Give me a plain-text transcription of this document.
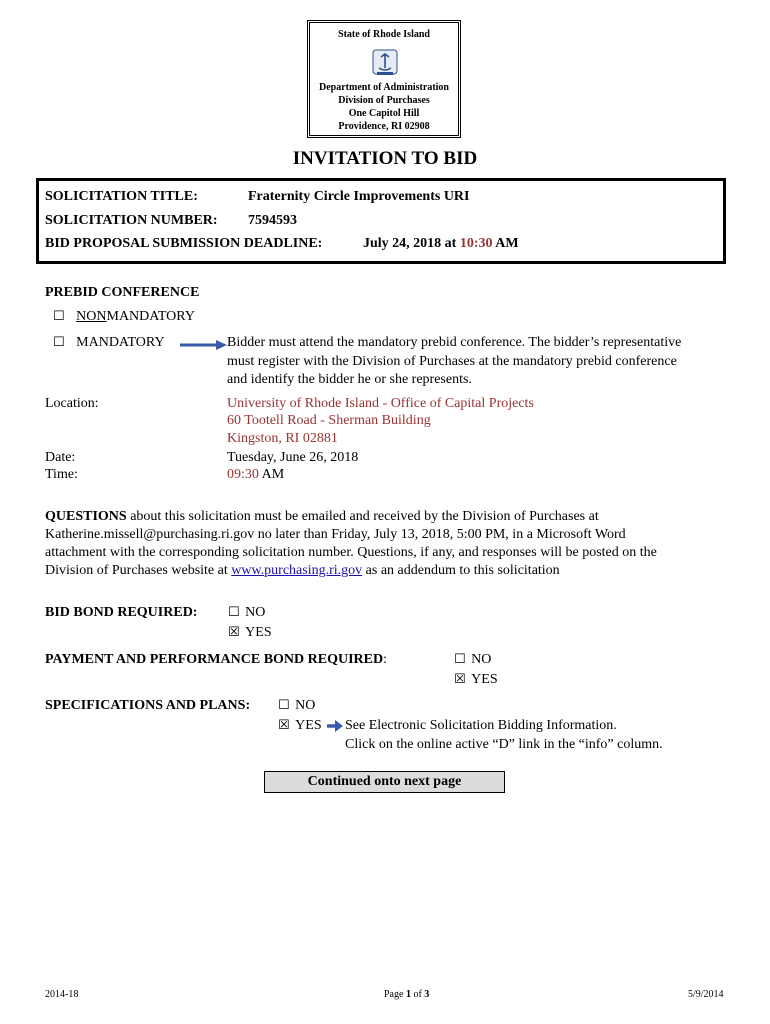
State of Rhode Island
Department of Administration
Division of Purchases
One Capitol Hill
Providence, RI 02908
INVITATION TO BID
SOLICITATION TITLE:	Fraternity Circle Improvements URI
SOLICITATION NUMBER: 7594593
BID PROPOSAL SUBMISSION DEADLINE:	July 24, 2018 at 10:30 AM
PREBID CONFERENCE
☐ NONMANDATORY
☐ MANDATORY	Bidder must attend the mandatory prebid conference. The bidder’s representative
must register with the Division of Purchases at the mandatory prebid conference
and identify the bidder he or she represents.
Location:	University of Rhode Island - Office of Capital Projects
60 Tootell Road - Sherman Building
Kingston, RI 02881
Date:	Tuesday, June 26, 2018
Time:	09:30 AM
QUESTIONS about this solicitation must be emailed and received by the Division of Purchases at
Katherine.missell@purchasing.ri.gov no later than Friday, July 13, 2018, 5:00 PM, in a Microsoft Word
attachment with the corresponding solicitation number. Questions, if any, and responses will be posted on the
Division of Purchases website at www.purchasing.ri.gov as an addendum to this solicitation
BID BOND REQUIRED: ☐ NO
☒ YES
PAYMENT AND PERFORMANCE BOND REQUIRED:	☐ NO
☒ YES
SPECIFICATIONS AND PLANS: ☐ NO
☒ YES See Electronic Solicitation Bidding Information.
Click on the online active “D” link in the “info” column.
Continued onto next page
2014-18	Page 1 of 3	5/9/2014
